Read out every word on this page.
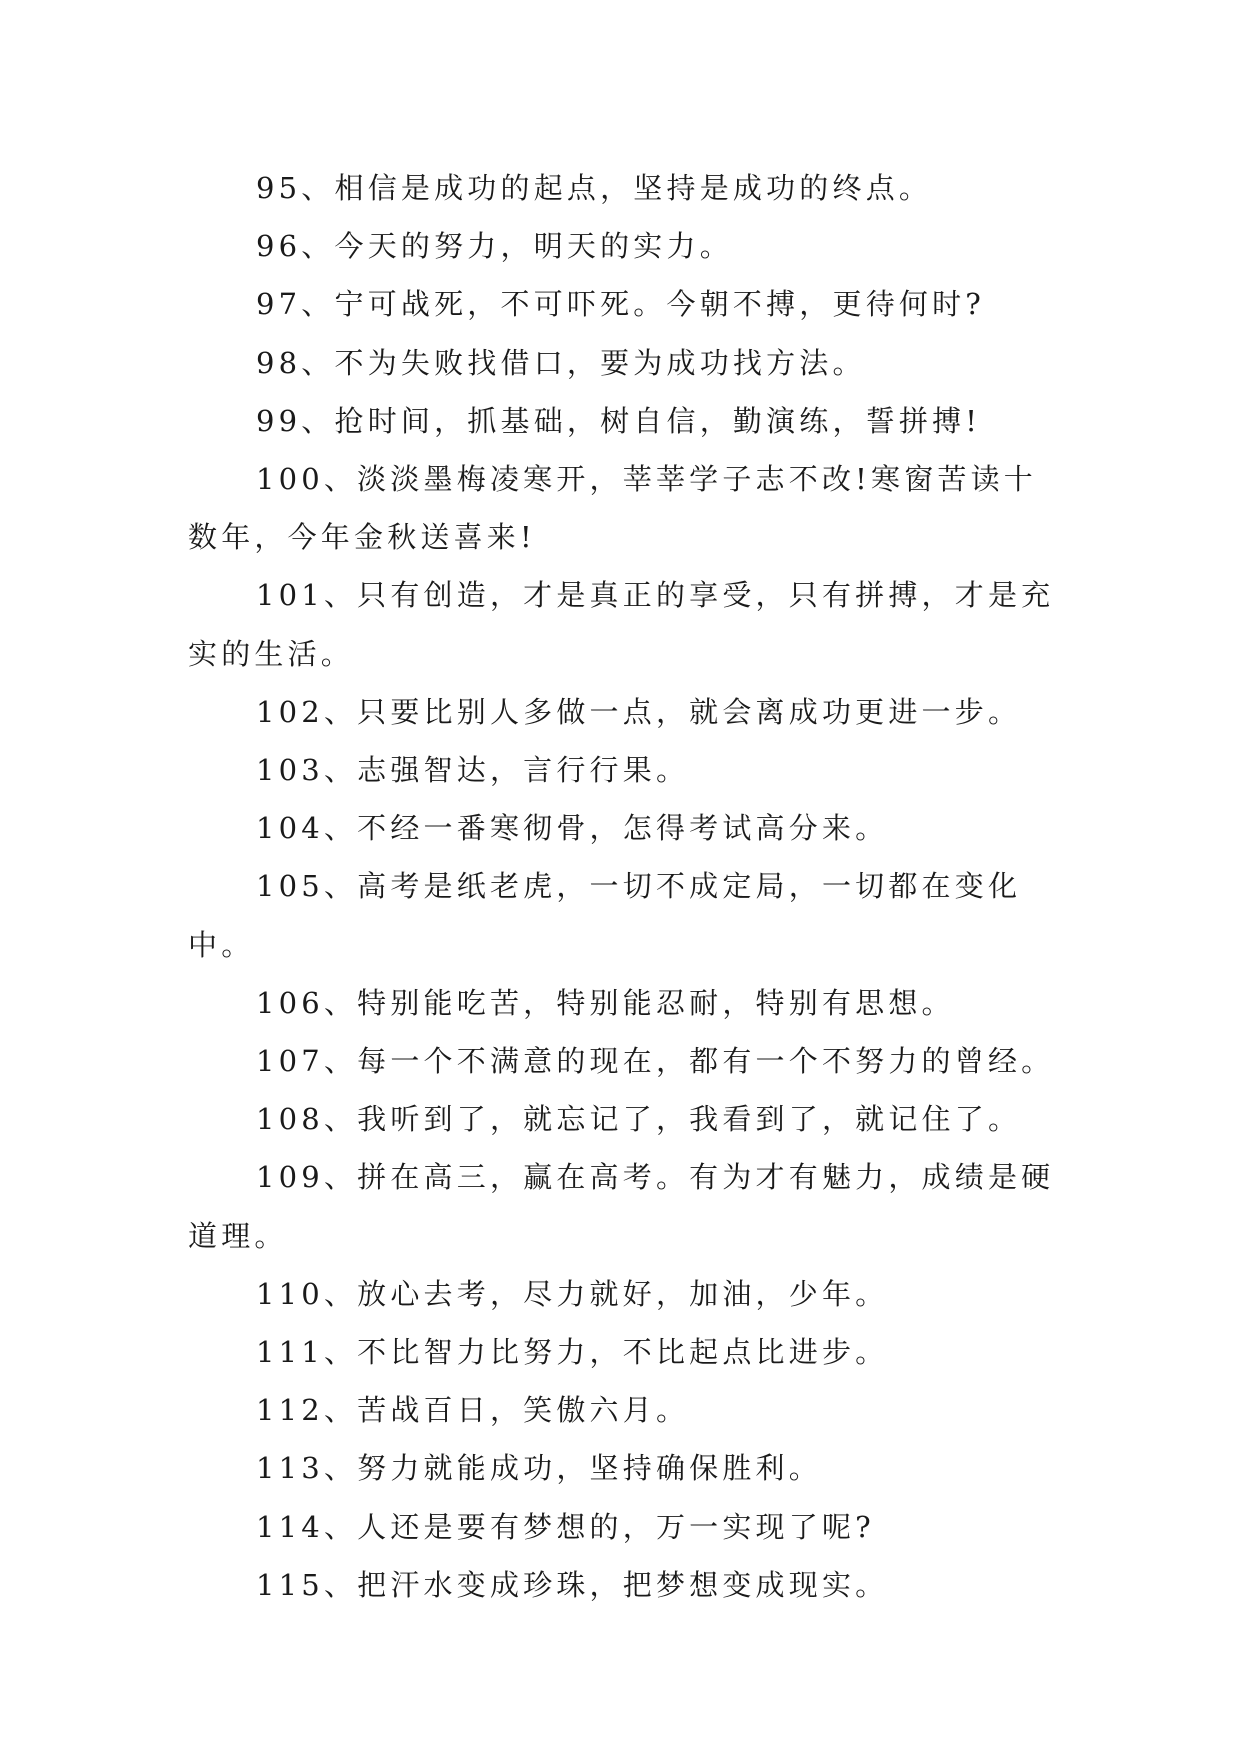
95、相信是成功的起点，坚持是成功的终点。

96、今天的努力，明天的实力。

97、宁可战死，不可吓死。今朝不搏，更待何时?

98、不为失败找借口，要为成功找方法。

99、抢时间，抓基础，树自信，勤演练，誓拼搏!

100、淡淡墨梅凌寒开，莘莘学子志不改!寒窗苦读十数年，今年金秋送喜来!

101、只有创造，才是真正的享受，只有拼搏，才是充实的生活。

102、只要比别人多做一点，就会离成功更进一步。

103、志强智达，言行行果。

104、不经一番寒彻骨，怎得考试高分来。

105、高考是纸老虎，一切不成定局，一切都在变化中。

106、特别能吃苦，特别能忍耐，特别有思想。

107、每一个不满意的现在，都有一个不努力的曾经。

108、我听到了，就忘记了，我看到了，就记住了。

109、拼在高三，赢在高考。有为才有魅力，成绩是硬道理。

110、放心去考，尽力就好，加油，少年。

111、不比智力比努力，不比起点比进步。

112、苦战百日，笑傲六月。

113、努力就能成功，坚持确保胜利。

114、人还是要有梦想的，万一实现了呢?

115、把汗水变成珍珠，把梦想变成现实。
